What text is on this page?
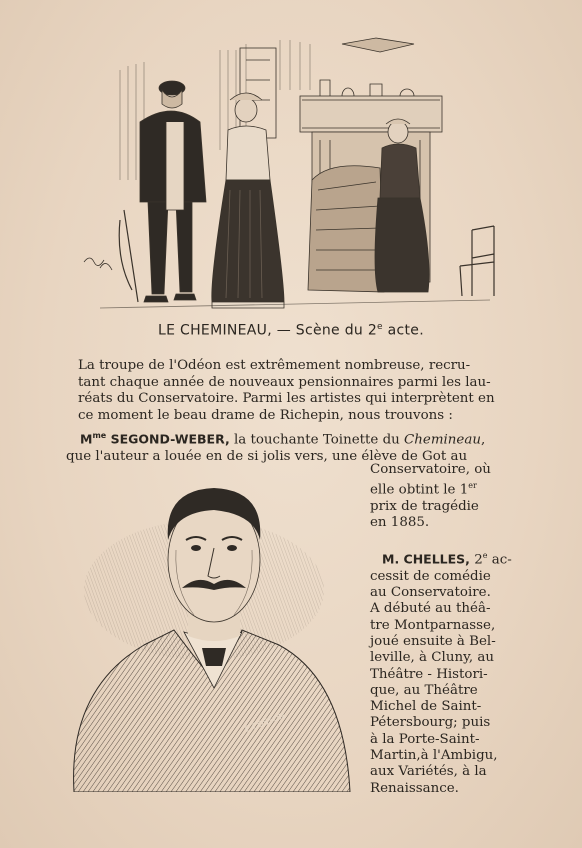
LE CHEMINEAU, — Scène du 2e acte.
La troupe de l'Odéon est extrêmement nombreuse, recru-
tant chaque année de nouveaux pensionnaires parmi les lau-
réats du Conservatoire. Parmi les artistes qui interprètent en
ce moment le beau drame de Richepin, nous trouvons :
$M^{me}$ SEGOND-WEBER, la touchante Toinette du Chemineau,
que l'auteur a louée en de si jolis vers, une élève de Got au
Conservatoire, où
elle obtint le 1er
prix de tragédie
en 1885.
M. CHELLES, 2e ac-
cessit de comédie
au Conservatoire.
A débuté au théâ-
tre Montparnasse,
joué ensuite à Bel-
leville, à Cluny, au
Théâtre - Histori-
que, au Théâtre
Michel de Saint-
Pétersbourg; puis
à la Porte-Saint-
Martin,à l'Ambigu,
aux Variétés, à la
Renaissance.
E.COSSON
